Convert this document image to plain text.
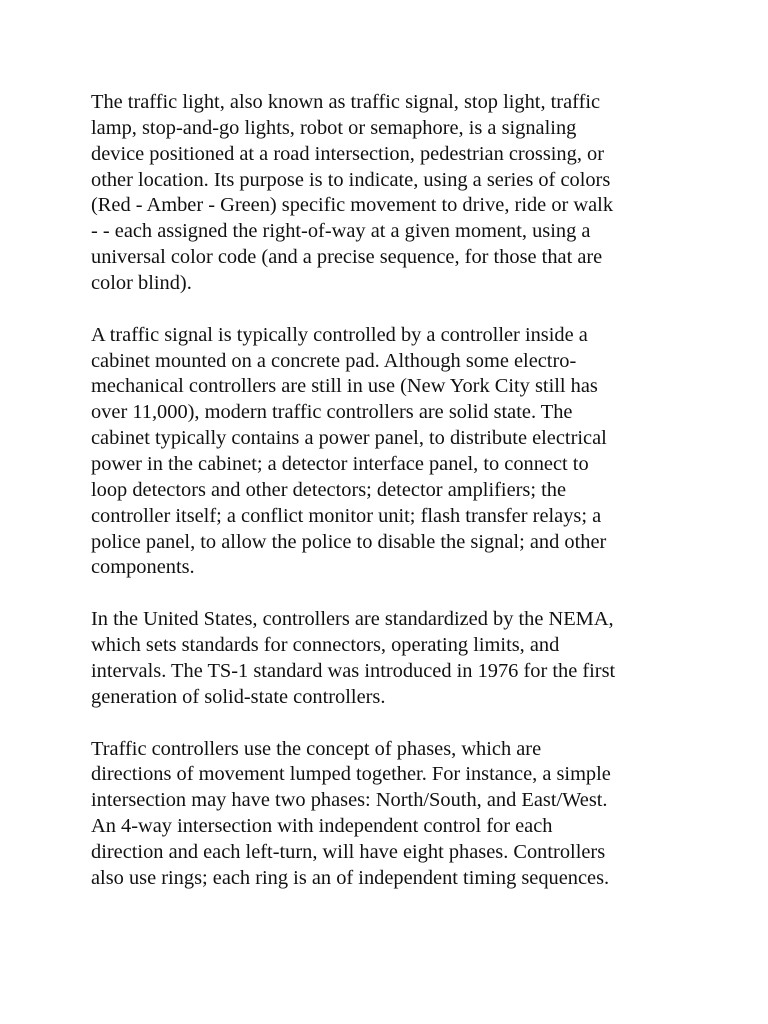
The traffic light, also known as traffic signal, stop light, traffic
lamp, stop-and-go lights, robot or semaphore, is a signaling
device positioned at a road intersection, pedestrian crossing, or
other location. Its purpose is to indicate, using a series of colors
(Red - Amber - Green) specific movement to drive, ride or walk
- - each assigned the right-of-way at a given moment, using a
universal color code (and a precise sequence, for those that are
color blind).

A traffic signal is typically controlled by a controller inside a
cabinet mounted on a concrete pad. Although some electro-
mechanical controllers are still in use (New York City still has
over 11,000), modern traffic controllers are solid state. The
cabinet typically contains a power panel, to distribute electrical
power in the cabinet; a detector interface panel, to connect to
loop detectors and other detectors; detector amplifiers; the
controller itself; a conflict monitor unit; flash transfer relays; a
police panel, to allow the police to disable the signal; and other
components.

In the United States, controllers are standardized by the NEMA,
which sets standards for connectors, operating limits, and
intervals. The TS-1 standard was introduced in 1976 for the first
generation of solid-state controllers.

Traffic controllers use the concept of phases, which are
directions of movement lumped together. For instance, a simple
intersection may have two phases: North/South, and East/West.
An 4-way intersection with independent control for each
direction and each left-turn, will have eight phases. Controllers
also use rings; each ring is an of independent timing sequences.
